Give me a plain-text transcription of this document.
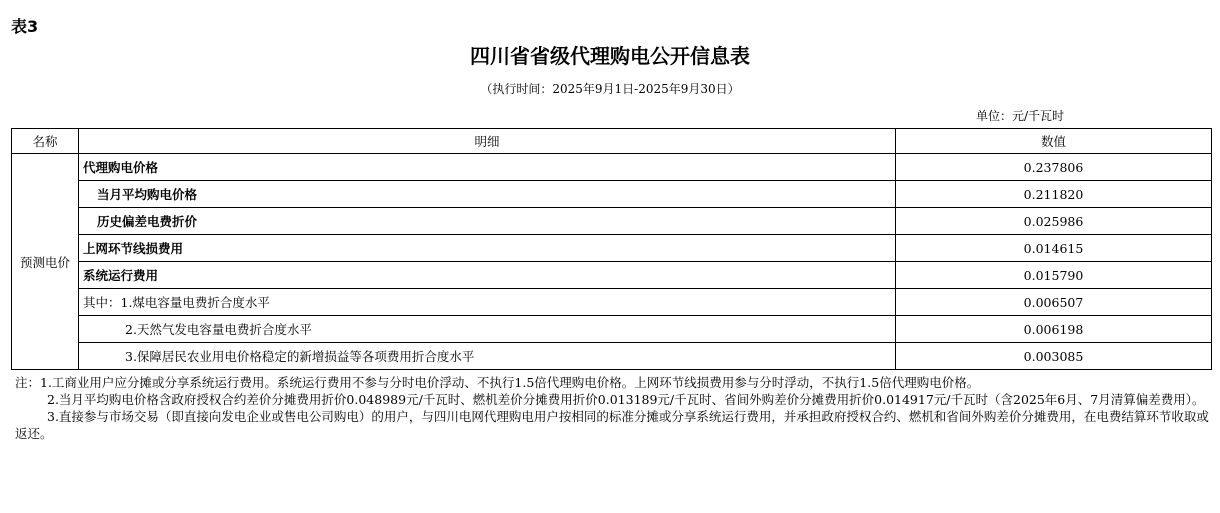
表3
四川省省级代理购电公开信息表
（执行时间：2025年9月1日-2025年9月30日）
单位：元/千瓦时
名称	明细	数值
预测电价	代理购电价格	0.237806
	当月平均购电价格	0.211820
	历史偏差电费折价	0.025986
	上网环节线损费用	0.014615
	系统运行费用	0.015790
	其中：1.煤电容量电费折合度水平	0.006507
	2.天然气发电容量电费折合度水平	0.006198
	3.保障居民农业用电价格稳定的新增损益等各项费用折合度水平	0.003085

注：1.工商业用户应分摊或分享系统运行费用。系统运行费用不参与分时电价浮动、不执行1.5倍代理购电价格。上网环节线损费用参与分时浮动，不执行1.5倍代理购电价格。

2.当月平均购电价格含政府授权合约差价分摊费用折价0.048989元/千瓦时、燃机差价分摊费用折价0.013189元/千瓦时、省间外购差价分摊费用折价0.014917元/千瓦时（含2025年6月、7月清算偏差费用）。

3.直接参与市场交易（即直接向发电企业或售电公司购电）的用户，与四川电网代理购电用户按相同的标准分摊或分享系统运行费用，并承担政府授权合约、燃机和省间外购差价分摊费用，在电费结算环节收取或返还。
